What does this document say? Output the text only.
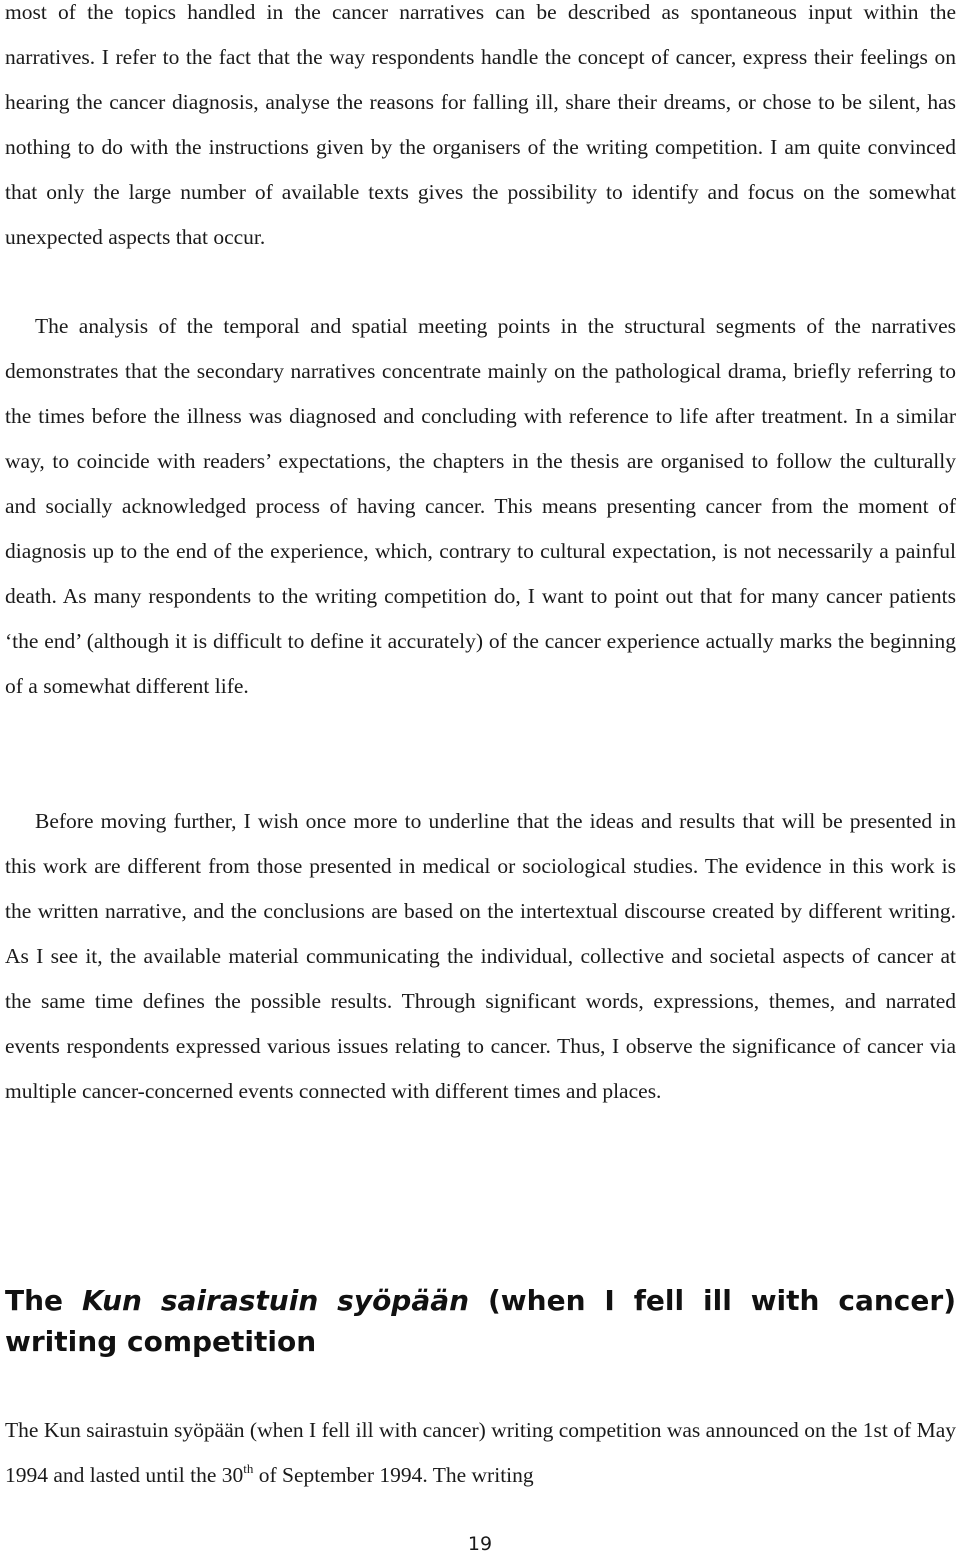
most of the topics handled in the cancer narratives can be described as spontaneous input within the narratives. I refer to the fact that the way respondents handle the concept of cancer, express their feelings on hearing the cancer diagnosis, analyse the reasons for falling ill, share their dreams, or chose to be silent, has nothing to do with the instructions given by the organisers of the writing competition. I am quite convinced that only the large number of available texts gives the possibility to identify and focus on the somewhat unexpected aspects that occur.

The analysis of the temporal and spatial meeting points in the structural segments of the narratives demonstrates that the secondary narratives concentrate mainly on the pathological drama, briefly referring to the times before the illness was diagnosed and concluding with reference to life after treatment. In a similar way, to coincide with readers’ expectations, the chapters in the thesis are organised to follow the culturally and socially acknowledged process of having cancer. This means presenting cancer from the moment of diagnosis up to the end of the experience, which, contrary to cultural expectation, is not necessarily a painful death. As many respondents to the writing competition do, I want to point out that for many cancer patients ‘the end’ (although it is difficult to define it accurately) of the cancer experience actually marks the beginning of a somewhat different life.

Before moving further, I wish once more to underline that the ideas and results that will be presented in this work are different from those presented in medical or sociological studies. The evidence in this work is the written narrative, and the conclusions are based on the intertextual discourse created by different writing. As I see it, the available material communicating the individual, collective and societal aspects of cancer at the same time defines the possible results. Through significant words, expressions, themes, and narrated events respondents expressed various issues relating to cancer. Thus, I observe the significance of cancer via multiple cancer-concerned events connected with different times and places.

The Kun sairastuin syöpään (when I fell ill with cancer) writing competition

The Kun sairastuin syöpään (when I fell ill with cancer) writing competition was announced on the 1st of May 1994 and lasted until the 30th of September 1994. The writing

19
